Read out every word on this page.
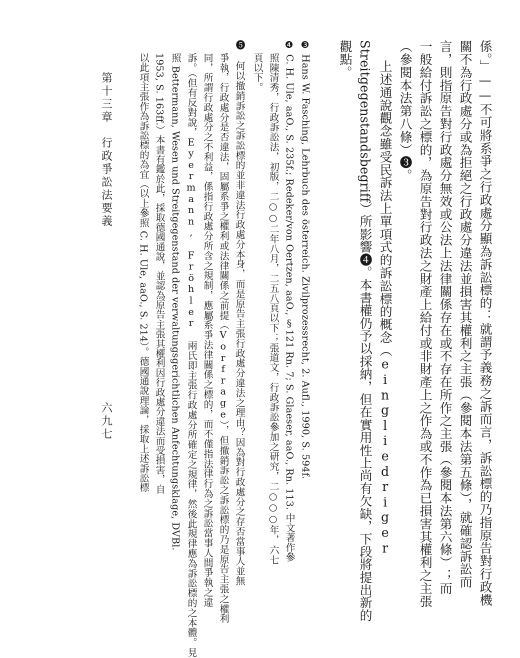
係。」——不可將系爭之行政處分顯為訴訟標的：就謂予義務之訴而言，訴訟標的乃指原告對行政機
關不為行政處分或為拒絕之行政處分違法並損害其權利之主張（參閱本法第五條），就確認訴訟而
言，則指原告對行政處分無效或公法上法律關係存在或不存在所作之主張（參閱本法第六條）；而
一般給付訴訟之標的，為原告對行政法之財產上給付或非財產上之作為或不作為已損害其權利之主張
（參閱本法第八條）❸。
上述通說觀念雖受民訴法上單項式的訴訟標的概念（eingliedriger
Streitgegenstandsbegriff）所影響❹。本書權仍予以採納，但在實用性上尚有欠缺，下段將提出新的
觀點。
❸ Hans W. Fasching, Lehrbuch des österreich. Zivilprozessrecht, 2. Aufl., 1990, S. 594f.
❹ C. H. Ule, aaO., S. 235f.; Redeker/von Oertzen, aaO., §121 Rn. 7; S. Glaeser, aaO., Rn. 113. 中文著作參
照陳清秀，行政訴訟法，初版，二○○二年八月，二五八頁以下；張道文，行政訴訟參加之研究，二○○○年，六七
頁以下。
❺ 何以撤銷訴訟之訴訟標的並非違法行政處分本身，而是原告主張行政處分違法之理由？因為對行政處分之存否當事人並無
爭執，行政處分是否違法，固屬系爭之權利或法律關係之前提（Vorfrage），但撤銷訴訟之訴訟標的乃是原告主張之權利
同，所謂行政處分之不利益，係指行政處分所含之規制，應屬系爭法律關係之標的，而不僅指法律行為之訴訟當事人間爭執之違
訴。（但有反對說，Eyermann, Fröhler 兩氏即主張行政處分所確定之規律，然後此規律應為訴訟標的之本體。見
照 Bettermann, Wesen und Streitgegenstand der verwaltungsgerichtlichen Anfechtungsklage, DVBl.
1953, S. 163ff.）本書有鑑於此，採取德國通說，並認為原告主張其權利因行政處分違法而受損害，自
以此項主張作為訴訟標的為宜（以上參照 C. H. Ule, aaO., S. 214）。德國通說理論，採取上述訴訟標
第十三章　行政爭訟法要義
六九七
